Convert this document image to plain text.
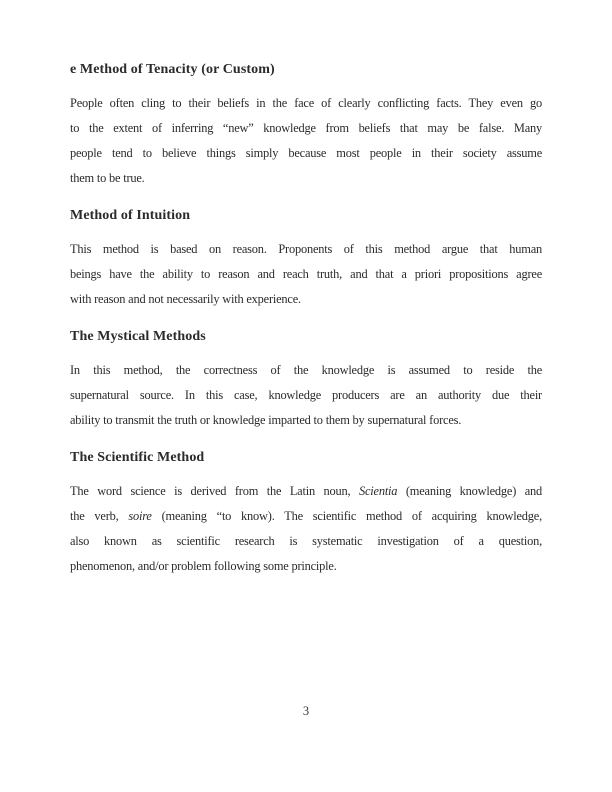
e Method of Tenacity (or Custom)
People often cling to their beliefs in the face of clearly conflicting facts. They even go
to the extent of inferring “new” knowledge from beliefs that may be false. Many
people tend to believe things simply because most people in their society assume
them to be true.
Method of Intuition
This method is based on reason. Proponents of this method argue that human
beings have the ability to reason and reach truth, and that a priori propositions agree
with reason and not necessarily with experience.
The Mystical Methods
In this method, the correctness of the knowledge is assumed to reside the
supernatural source. In this case, knowledge producers are an authority due their
ability to transmit the truth or knowledge imparted to them by supernatural forces.
The Scientific Method
The word science is derived from the Latin noun, Scientia (meaning knowledge) and
the verb, soire (meaning “to know). The scientific method of acquiring knowledge,
also known as scientific research is systematic investigation of a question,
phenomenon, and/or problem following some principle.
3
